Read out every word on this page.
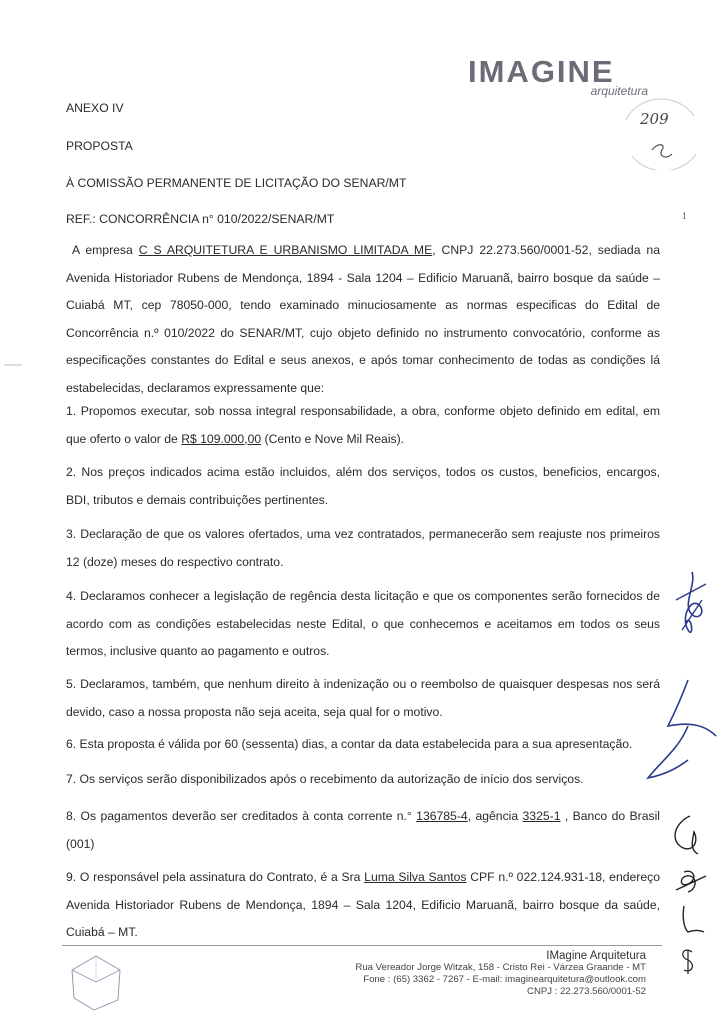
IMAGINE
arquitetura
209
1
ANEXO IV
PROPOSTA
À COMISSÃO PERMANENTE DE LICITAÇÃO DO SENAR/MT
REF.: CONCORRÊNCIA n° 010/2022/SENAR/MT

A empresa C S ARQUITETURA E URBANISMO LIMITADA ME, CNPJ 22.273.560/0001-52, sediada na Avenida Historiador Rubens de Mendonça, 1894 - Sala 1204 – Edificio Maruanã, bairro bosque da saúde – Cuiabá MT, cep 78050-000, tendo examinado minuciosamente as normas especificas do Edital de Concorrência n.º 010/2022 do SENAR/MT, cujo objeto definido no instrumento convocatório, conforme as especificações constantes do Edital e seus anexos, e após tomar conhecimento de todas as condições lá estabelecidas, declaramos expressamente que:

1. Propomos executar, sob nossa integral responsabilidade, a obra, conforme objeto definido em edital, em que oferto o valor de R$ 109.000,00 (Cento e Nove Mil Reais).

2. Nos preços indicados acima estão incluidos, além dos serviços, todos os custos, beneficios, encargos, BDI, tributos e demais contribuições pertinentes.
3. Declaração de que os valores ofertados, uma vez contratados, permanecerão sem reajuste nos primeiros 12 (doze) meses do respectivo contrato.
4. Declaramos conhecer a legislação de regência desta licitação e que os componentes serão fornecidos de acordo com as condições estabelecidas neste Edital, o que conhecemos e aceitamos em todos os seus termos, inclusive quanto ao pagamento e outros.
5. Declaramos, também, que nenhum direito à indenização ou o reembolso de quaisquer despesas nos será devido, caso a nossa proposta não seja aceita, seja qual for o motivo.
6. Esta proposta é válida por 60 (sessenta) dias, a contar da data estabelecida para a sua apresentação.
7. Os serviços serão disponibilizados após o recebimento da autorização de início dos serviços.

8. Os pagamentos deverão ser creditados à conta corrente n.° 136785-4, agência 3325-1 , Banco do Brasil (001)

9. O responsável pela assinatura do Contrato, é a Sra Luma Silva Santos CPF n.º 022.124.931-18, endereço Avenida Historiador Rubens de Mendonça, 1894 – Sala 1204, Edificio Maruanã, bairro bosque da saúde, Cuiabá – MT.

IMagine Arquitetura
Rua Vereador Jorge Witzak, 158 - Cristo Rei - Várzea Graande - MT
Fone : (65) 3362 - 7267 - E-mail: imaginearquitetura@outlook.com
CNPJ : 22.273.560/0001-52
